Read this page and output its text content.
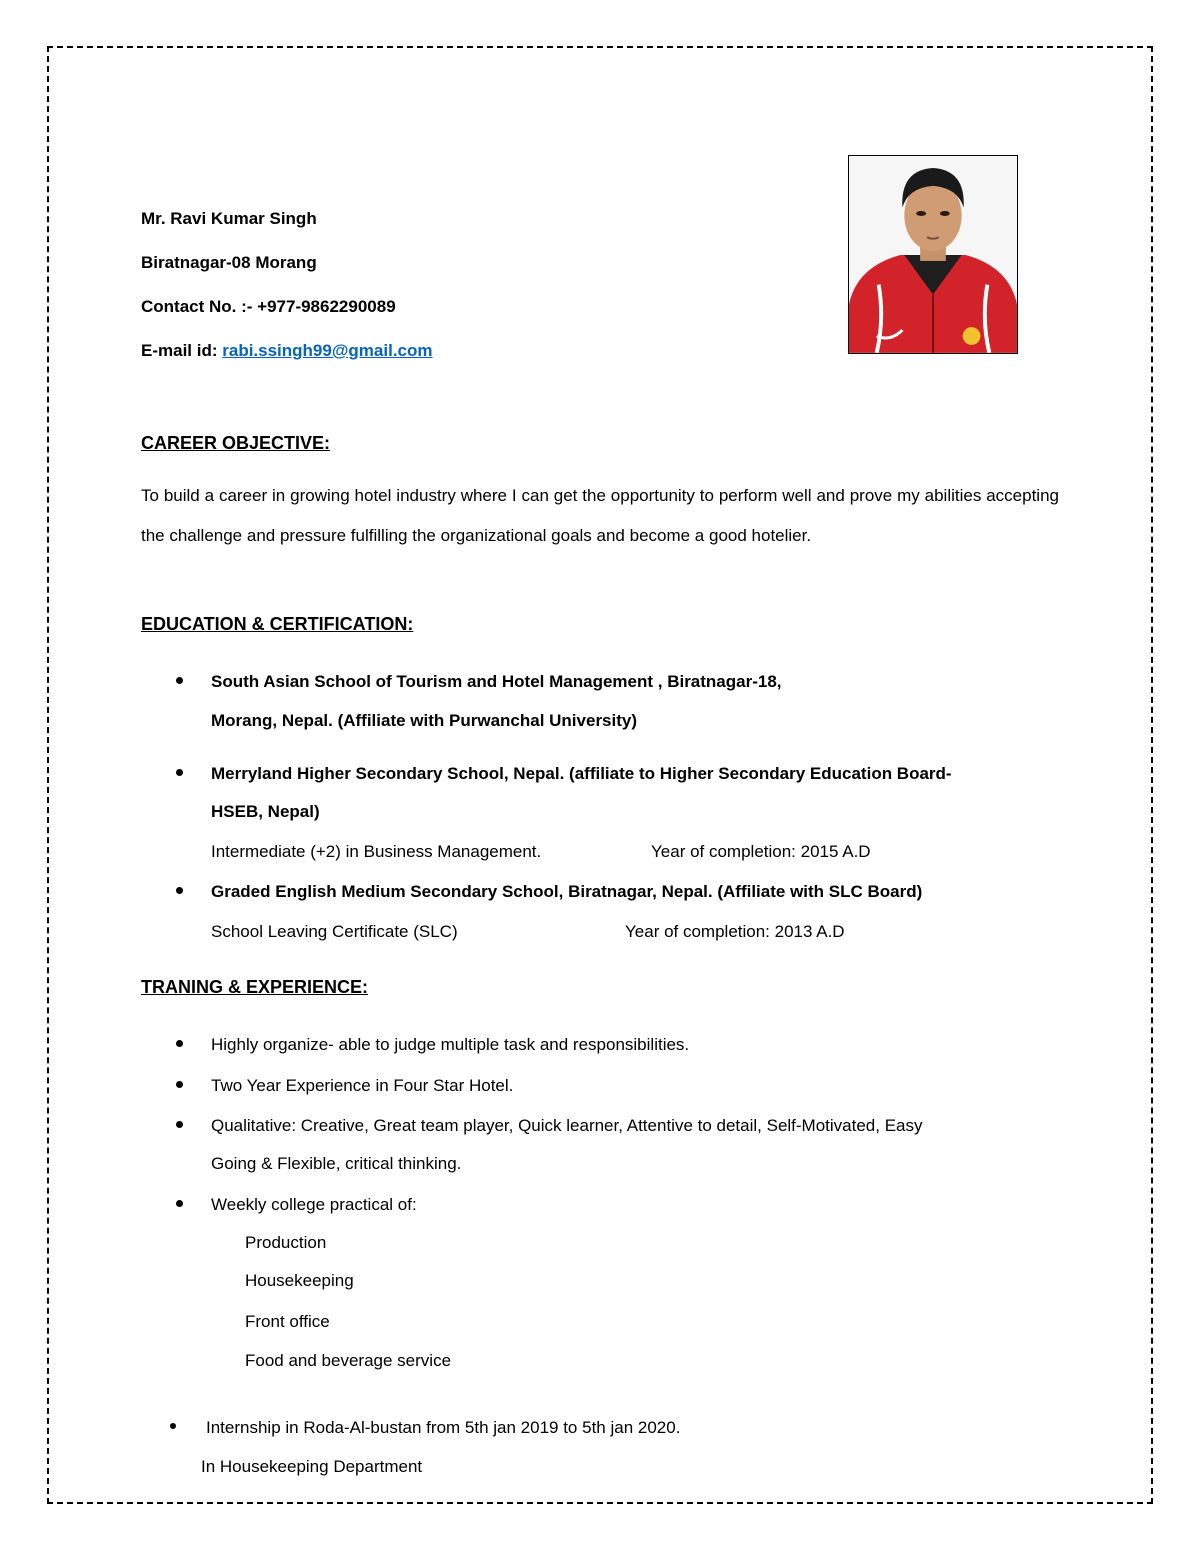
Mr. Ravi Kumar Singh
Biratnagar-08 Morang
Contact No. :- +977-9862290089
E-mail id: rabi.ssingh99@gmail.com
CAREER OBJECTIVE:

To build a career in growing hotel industry where I can get the opportunity to perform well and prove my abilities accepting the challenge and pressure fulfilling the organizational goals and become a good hotelier.

EDUCATION & CERTIFICATION:
South Asian School of Tourism and Hotel Management , Biratnagar-18,
Morang, Nepal. (Affiliate with Purwanchal University)
Merryland Higher Secondary School, Nepal. (affiliate to Higher Secondary Education Board-
HSEB, Nepal)
Intermediate (+2) in Business Management.	Year of completion: 2015 A.D
Graded English Medium Secondary School, Biratnagar, Nepal. (Affiliate with SLC Board)
School Leaving Certificate (SLC)	Year of completion: 2013 A.D
TRANING & EXPERIENCE:
Highly organize- able to judge multiple task and responsibilities.
Two Year Experience in Four Star Hotel.
Qualitative: Creative, Great team player, Quick learner, Attentive to detail, Self-Motivated, Easy
Going & Flexible, critical thinking.
Weekly college practical of:
Production
Housekeeping
Front office
Food and beverage service
Internship in Roda-Al-bustan from 5th jan 2019 to 5th jan 2020.
In Housekeeping Department
